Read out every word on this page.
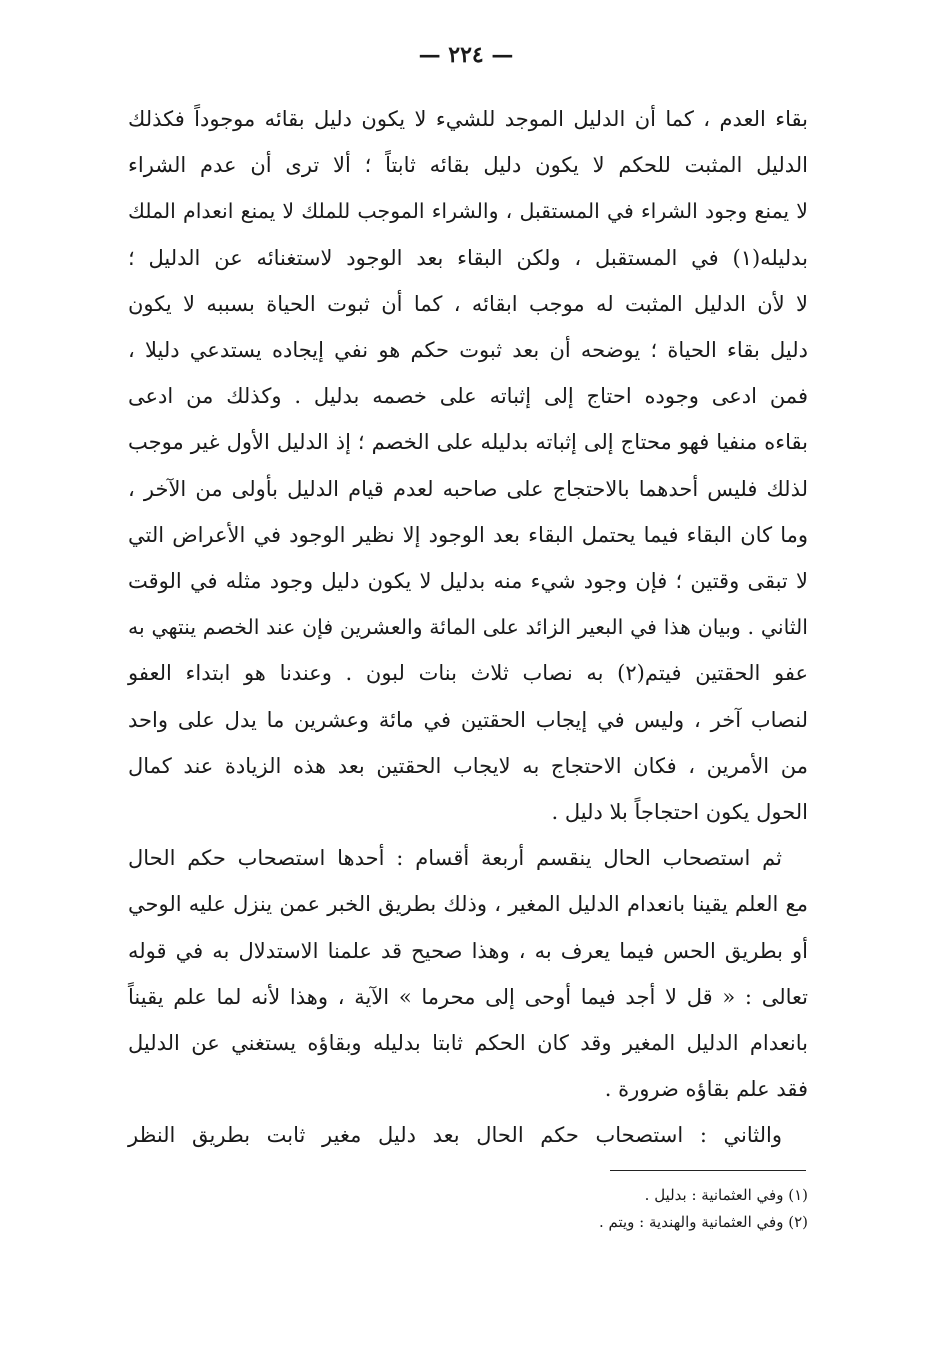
— ٢٢٤ —

بقاء العدم ، كما أن الدليل الموجد للشيء لا يكون دليل بقائه موجوداً فكذلك
الدليل المثبت للحكم لا يكون دليل بقائه ثابتاً ؛ ألا ترى أن عدم الشراء
لا يمنع وجود الشراء في المستقبل ، والشراء الموجب للملك لا يمنع انعدام الملك
بدليله(١) في المستقبل ، ولكن البقاء بعد الوجود لاستغنائه عن الدليل ؛
لا لأن الدليل المثبت له موجب ابقائه ، كما أن ثبوت الحياة بسببه لا يكون
دليل بقاء الحياة ؛ يوضحه أن بعد ثبوت حكم هو نفي إيجاده يستدعي دليلا ،
فمن ادعى وجوده احتاج إلى إثباته على خصمه بدليل . وكذلك من ادعى
بقاءه منفيا فهو محتاج إلى إثباته بدليله على الخصم ؛ إذ الدليل الأول غير موجب
لذلك فليس أحدهما بالاحتجاج على صاحبه لعدم قيام الدليل بأولى من الآخر ،
وما كان البقاء فيما يحتمل البقاء بعد الوجود إلا نظير الوجود في الأعراض التي
لا تبقى وقتين ؛ فإن وجود شيء منه بدليل لا يكون دليل وجود مثله في الوقت
الثاني . وبيان هذا في البعير الزائد على المائة والعشرين فإن عند الخصم ينتهي به
عفو الحقتين فيتم(٢) به نصاب ثلاث بنات لبون . وعندنا هو ابتداء العفو
لنصاب آخر ، وليس في إيجاب الحقتين في مائة وعشرين ما يدل على واحد
من الأمرين ، فكان الاحتجاج به لايجاب الحقتين بعد هذه الزيادة عند كمال
الحول يكون احتجاجاً بلا دليل .

ثم استصحاب الحال ينقسم أربعة أقسام : أحدها استصحاب حكم الحال
مع العلم يقينا بانعدام الدليل المغير ، وذلك بطريق الخبر عمن ينزل عليه الوحي
أو بطريق الحس فيما يعرف به ، وهذا صحيح قد علمنا الاستدلال به في قوله
تعالى : « قل لا أجد فيما أوحى إلى محرما » الآية ، وهذا لأنه لما علم يقيناً
بانعدام الدليل المغير وقد كان الحكم ثابتا بدليله وبقاؤه يستغني عن الدليل
فقد علم بقاؤه ضرورة .

والثاني : استصحاب حكم الحال بعد دليل مغير ثابت بطريق النظر

(١) وفي العثمانية : بدليل .
(٢) وفي العثمانية والهندية : ويتم .
